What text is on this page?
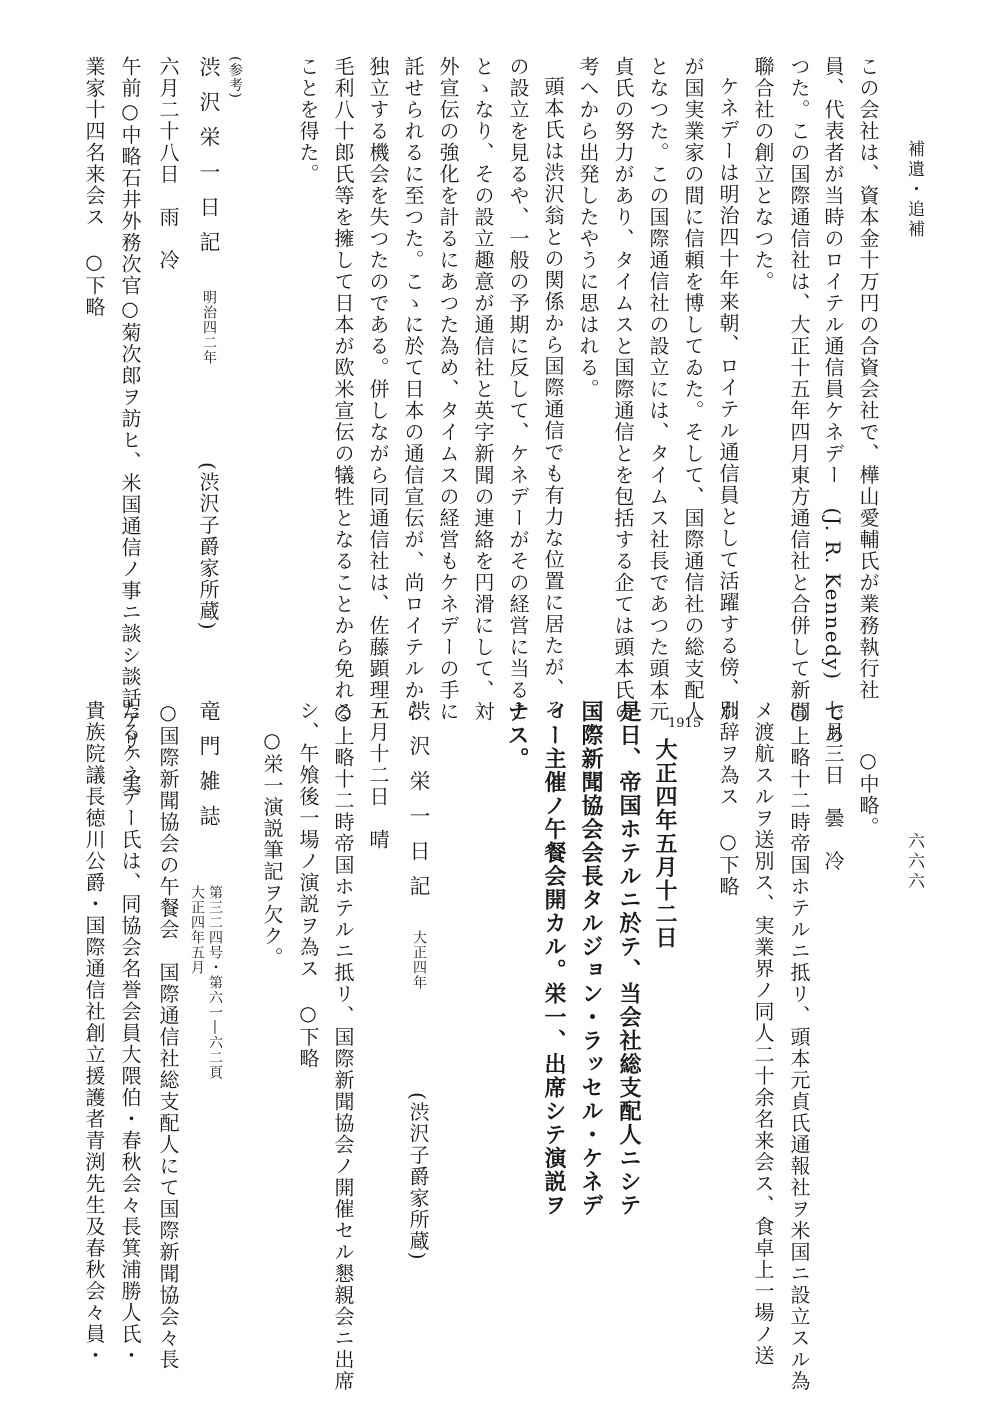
補遺・追補
六六六
この会社は、資本金十万円の合資会社で、樺山愛輔氏が業務執行社
員、代表者が当時のロイテル通信員ケネデー　(J. R. Kennedy)　であ
つた。この国際通信社は、大正十五年四月東方通信社と合併して新聞
聯合社の創立となつた。
ケネデーは明治四十年来朝、ロイテル通信員として活躍する傍、わ
が国実業家の間に信頼を博してゐた。そして、国際通信社の総支配人
となつた。この国際通信社の設立には、タイムス社長であつた頭本元
貞氏の努力があり、タイムスと国際通信とを包括する企ては頭本氏の
考へから出発したやうに思はれる。
頭本氏は渋沢翁との関係から国際通信でも有力な位置に居たが、そ
の設立を見るや、一般の予期に反して、ケネデーがその経営に当るこ
とゝなり、その設立趣意が通信社と英字新聞の連絡を円滑にして、対
外宣伝の強化を計るにあつた為め、タイムスの経営もケネデーの手に
託せられるに至つた。こゝに於て日本の通信宣伝が、尚ロイテルから
独立する機会を失つたのである。併しながら同通信社は、佐藤顕理・
毛利八十郎氏等を擁して日本が欧米宣伝の犠牲となることから免れる
ことを得た。
(参考)
渋沢栄一日記
明治四二年
(渋沢子爵家所蔵)
六月二十八日　雨　冷
午前○中略石井外務次官○菊次郎ヲ訪ヒ、米国通信ノ事ニ談シ談話アリ、実
業家十四名来会ス　○下略
○中略。
七月三日　曇　冷
○上略十二時帝国ホテルニ抵リ、頭本元貞氏通報社ヲ米国ニ設立スル為
メ渡航スルヲ送別ス、実業界ノ同人二十余名来会ス、食卓上一場ノ送
別辞ヲ為ス　○下略
1915
大正四年五月十二日
是日、帝国ホテルニ於テ、当会社総支配人ニシテ
国際新聞協会会長タルジョン・ラッセル・ケネデ
ィー主催ノ午餐会開カル。栄一、出席シテ演説ヲ
ナス。
渋沢栄一日記
大正四年
(渋沢子爵家所蔵)
五月十二日　晴
○上略十二時帝国ホテルニ抵リ、国際新聞協会ノ開催セル懇親会ニ出席
シ、午飧後一場ノ演説ヲ為ス　○下略
○栄一演説筆記ヲ欠ク。
竜門雑誌
第三二四号・第六一―六二頁
大正四年五月
○国際新聞協会の午餐会　国際通信社総支配人にて国際新聞協会々長
たるケネデー氏は、同協会名誉会員大隈伯・春秋会々長箕浦勝人氏・
貴族院議長徳川公爵・国際通信社創立援護者青渕先生及春秋会々員・
